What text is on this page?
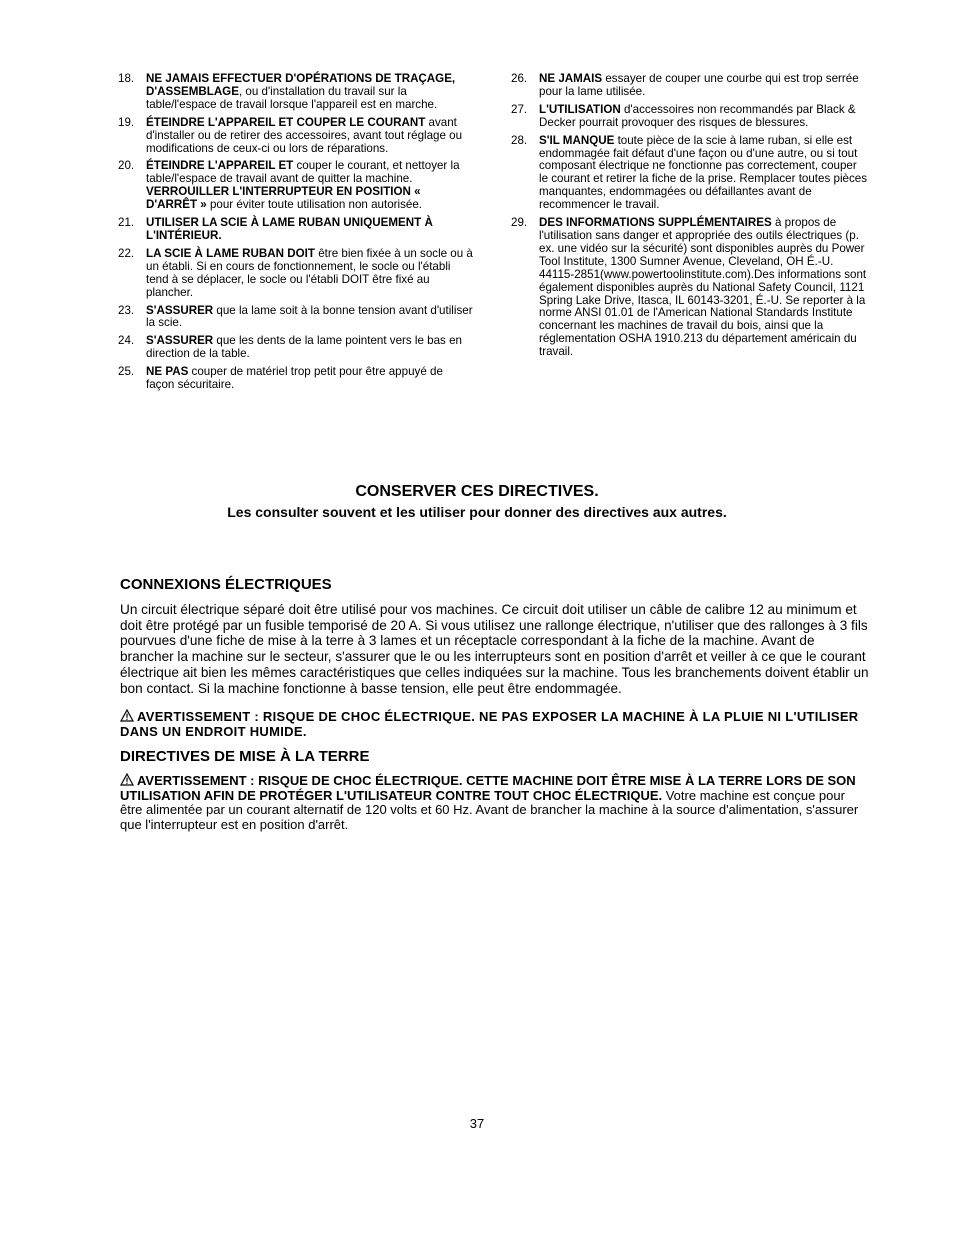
18.	NE JAMAIS EFFECTUER D'OPÉRATIONS DE TRAÇAGE, D'ASSEMBLAGE, ou d'installation du travail sur la table/l'espace de travail lorsque l'appareil est en marche.
19.	ÉTEINDRE L'APPAREIL ET COUPER LE COURANT avant d'installer ou de retirer des accessoires, avant tout réglage ou modifications de ceux-ci ou lors de réparations.
20.	ÉTEINDRE L'APPAREIL ET couper le courant, et nettoyer la table/l'espace de travail avant de quitter la machine. VERROUILLER L'INTERRUPTEUR EN POSITION « D'ARRÊT » pour éviter toute utilisation non autorisée.
21.	UTILISER LA SCIE À LAME RUBAN UNIQUEMENT À L'INTÉRIEUR.
22.	LA SCIE À LAME RUBAN DOIT être bien fixée à un socle ou à un établi. Si en cours de fonctionnement, le socle ou l'établi tend à se déplacer, le socle ou l'établi DOIT être fixé au plancher.
23.	S'ASSURER que la lame soit à la bonne tension avant d'utiliser la scie.
24.	S'ASSURER que les dents de la lame pointent vers le bas en direction de la table.
25.	NE PAS couper de matériel trop petit pour être appuyé de façon sécuritaire.
26.	NE JAMAIS essayer de couper une courbe qui est trop serrée pour la lame utilisée.
27.	L'UTILISATION d'accessoires non recommandés par Black & Decker pourrait provoquer des risques de blessures.
28.	S'IL MANQUE toute pièce de la scie à lame ruban, si elle est endommagée fait défaut d'une façon ou d'une autre, ou si tout composant électrique ne fonctionne pas correctement, couper le courant et retirer la fiche de la prise. Remplacer toutes pièces manquantes, endommagées ou défaillantes avant de recommencer le travail.
29.	DES INFORMATIONS SUPPLÉMENTAIRES à propos de l'utilisation sans danger et appropriée des outils électriques (p. ex. une vidéo sur la sécurité) sont disponibles auprès du Power Tool Institute, 1300 Sumner Avenue, Cleveland, OH É.-U. 44115-2851(www.powertoolinstitute.com).Des informations sont également disponibles auprès du National Safety Council, 1121 Spring Lake Drive, Itasca, IL 60143-3201, É.-U. Se reporter à la norme ANSI 01.01 de l'American National Standards Institute concernant les machines de travail du bois, ainsi que la réglementation OSHA 1910.213 du département américain du travail.

CONSERVER CES DIRECTIVES.

Les consulter souvent et les utiliser pour donner des directives aux autres.

CONNEXIONS ÉLECTRIQUES

Un circuit électrique séparé doit être utilisé pour vos machines. Ce circuit doit utiliser un câble de calibre 12 au minimum et doit être protégé par un fusible temporisé de 20 A. Si vous utilisez une rallonge électrique, n'utiliser que des rallonges à 3 fils pourvues d'une fiche de mise à la terre à 3 lames et un réceptacle correspondant à la fiche de la machine. Avant de brancher la machine sur le secteur, s'assurer que le ou les interrupteurs sont en position d'arrêt et veiller à ce que le courant électrique ait bien les mêmes caractéristiques que celles indiquées sur la machine. Tous les branchements doivent établir un bon contact. Si la machine fonctionne à basse tension, elle peut être endommagée.

AVERTISSEMENT : RISQUE DE CHOC ÉLECTRIQUE. NE PAS EXPOSER LA MACHINE À LA PLUIE NI L'UTILISER DANS UN ENDROIT HUMIDE.

DIRECTIVES DE MISE À LA TERRE

AVERTISSEMENT : RISQUE DE CHOC ÉLECTRIQUE. CETTE MACHINE DOIT ÊTRE MISE À LA TERRE LORS DE SON UTILISATION AFIN DE PROTÉGER L'UTILISATEUR CONTRE TOUT CHOC ÉLECTRIQUE. Votre machine est conçue pour être alimentée par un courant alternatif de 120 volts et 60 Hz. Avant de brancher la machine à la source d'alimentation, s'assurer que l'interrupteur est en position d'arrêt.

37
